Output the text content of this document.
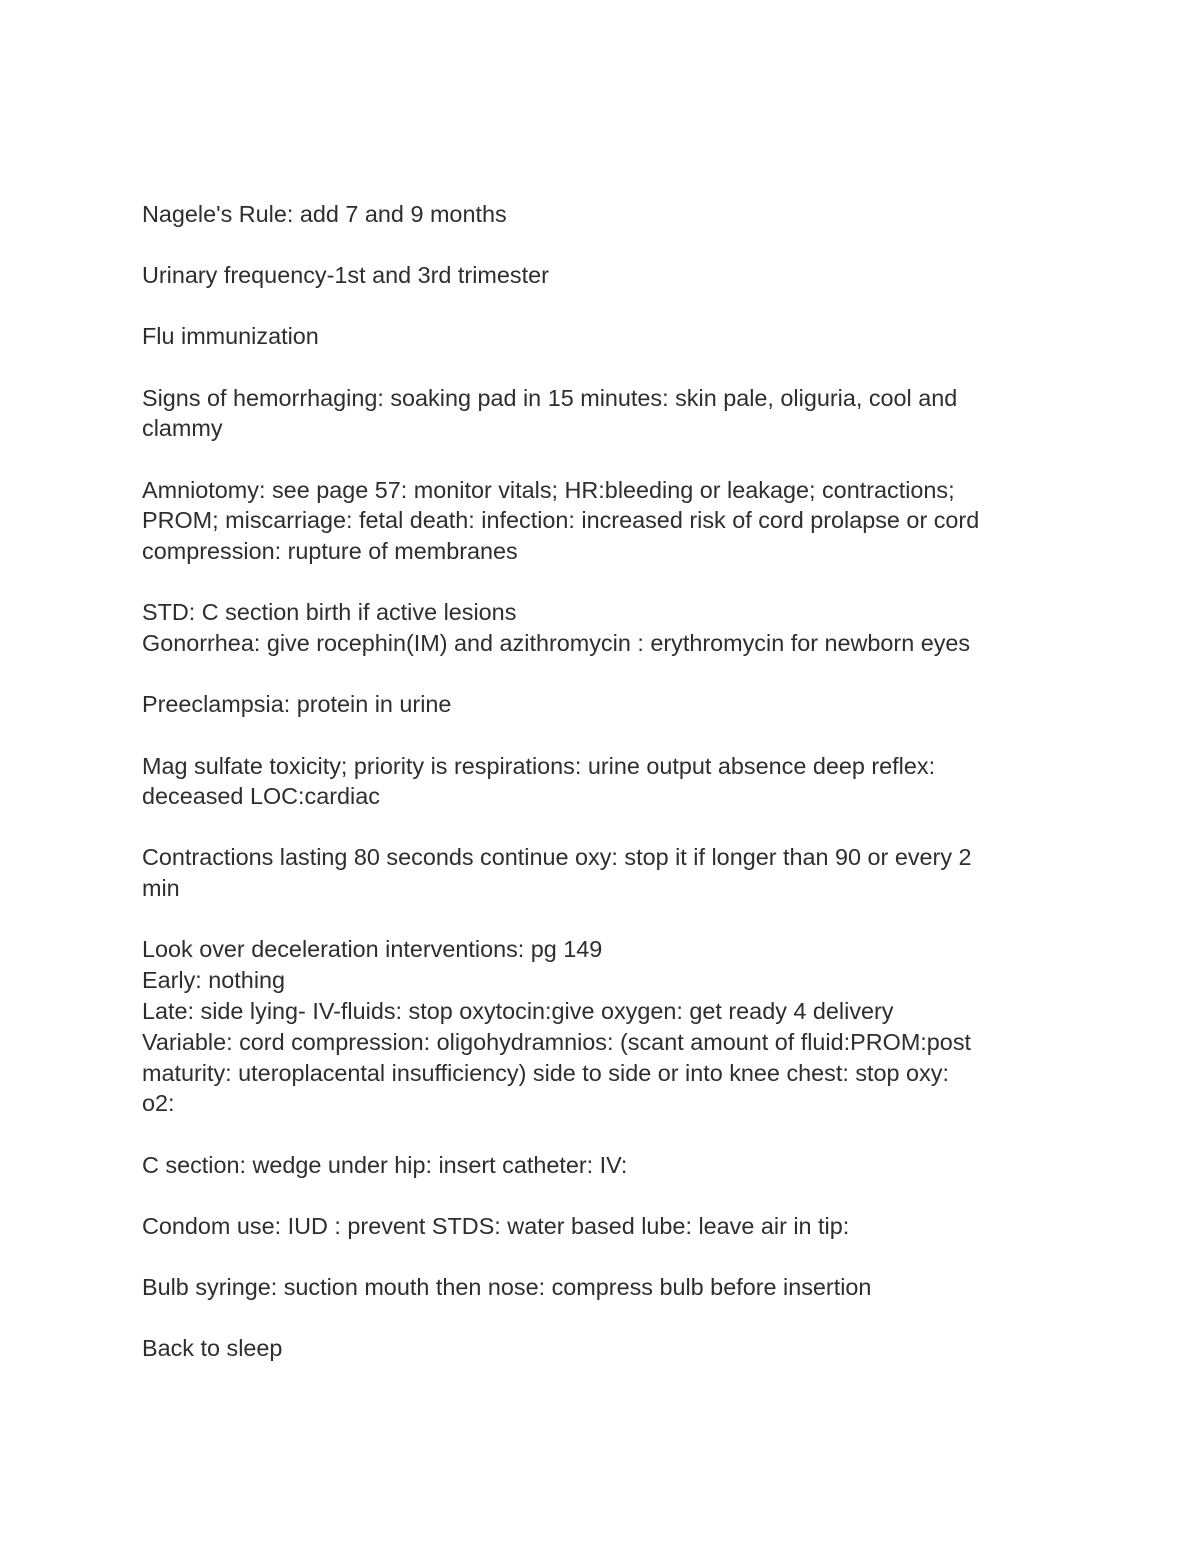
Nagele's Rule: add 7 and 9 months
Urinary frequency-1st and 3rd trimester
Flu immunization
Signs of hemorrhaging: soaking pad in 15 minutes: skin pale, oliguria, cool and
clammy
Amniotomy: see page 57: monitor vitals; HR:bleeding or leakage; contractions;
PROM; miscarriage: fetal death: infection: increased risk of cord prolapse or cord
compression: rupture of membranes
STD: C section birth if active lesions
Gonorrhea: give rocephin(IM) and azithromycin : erythromycin for newborn eyes
Preeclampsia: protein in urine
Mag sulfate toxicity; priority is respirations: urine output absence deep reflex:
deceased LOC:cardiac
Contractions lasting 80 seconds continue oxy: stop it if longer than 90 or every 2
min
Look over deceleration interventions: pg 149
Early: nothing
Late: side lying- IV-fluids: stop oxytocin:give oxygen: get ready 4 delivery
Variable: cord compression: oligohydramnios: (scant amount of fluid:PROM:post
maturity: uteroplacental insufficiency) side to side or into knee chest: stop oxy:
o2:
C section: wedge under hip: insert catheter: IV:
Condom use: IUD : prevent STDS: water based lube: leave air in tip:
Bulb syringe: suction mouth then nose: compress bulb before insertion
Back to sleep
